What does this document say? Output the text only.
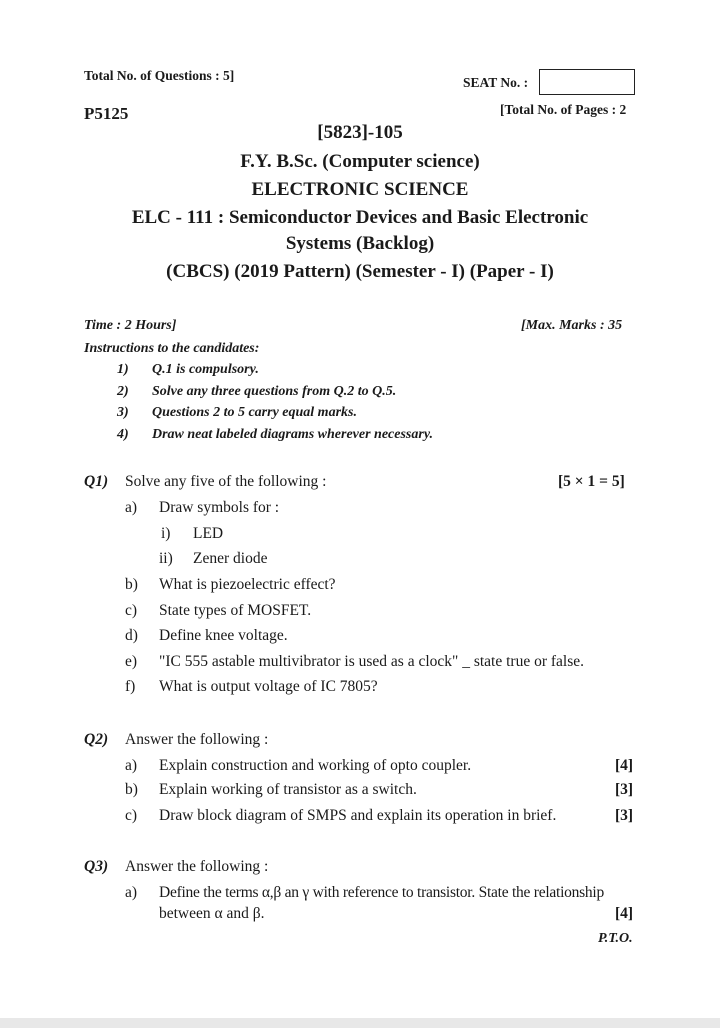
Total No. of Questions : 5]	SEAT No. :
P5125	[Total No. of Pages : 2
[5823]-105
F.Y. B.Sc. (Computer science)
ELECTRONIC SCIENCE
ELC - 111 : Semiconductor Devices and Basic Electronic
Systems (Backlog)
(CBCS) (2019 Pattern) (Semester - I) (Paper - I)
Time : 2 Hours]	[Max. Marks : 35
Instructions to the candidates:
1) Q.1 is compulsory.
2) Solve any three questions from Q.2 to Q.5.
3) Questions 2 to 5 carry equal marks.
4) Draw neat labeled diagrams wherever necessary.
Q1) Solve any five of the following :	[5 × 1 = 5]
a) Draw symbols for :
i) LED
ii) Zener diode
b) What is piezoelectric effect?
c) State types of MOSFET.
d) Define knee voltage.
e) "IC 555 astable multivibrator is used as a clock" _ state true or false.
f) What is output voltage of IC 7805?
Q2) Answer the following :
a) Explain construction and working of opto coupler.	[4]
b) Explain working of transistor as a switch.	[3]
c) Draw block diagram of SMPS and explain its operation in brief.	[3]
Q3) Answer the following :
a) Define the terms α,β an γ with reference to transistor. State the relationship
between α and β.	[4]
P.T.O.
